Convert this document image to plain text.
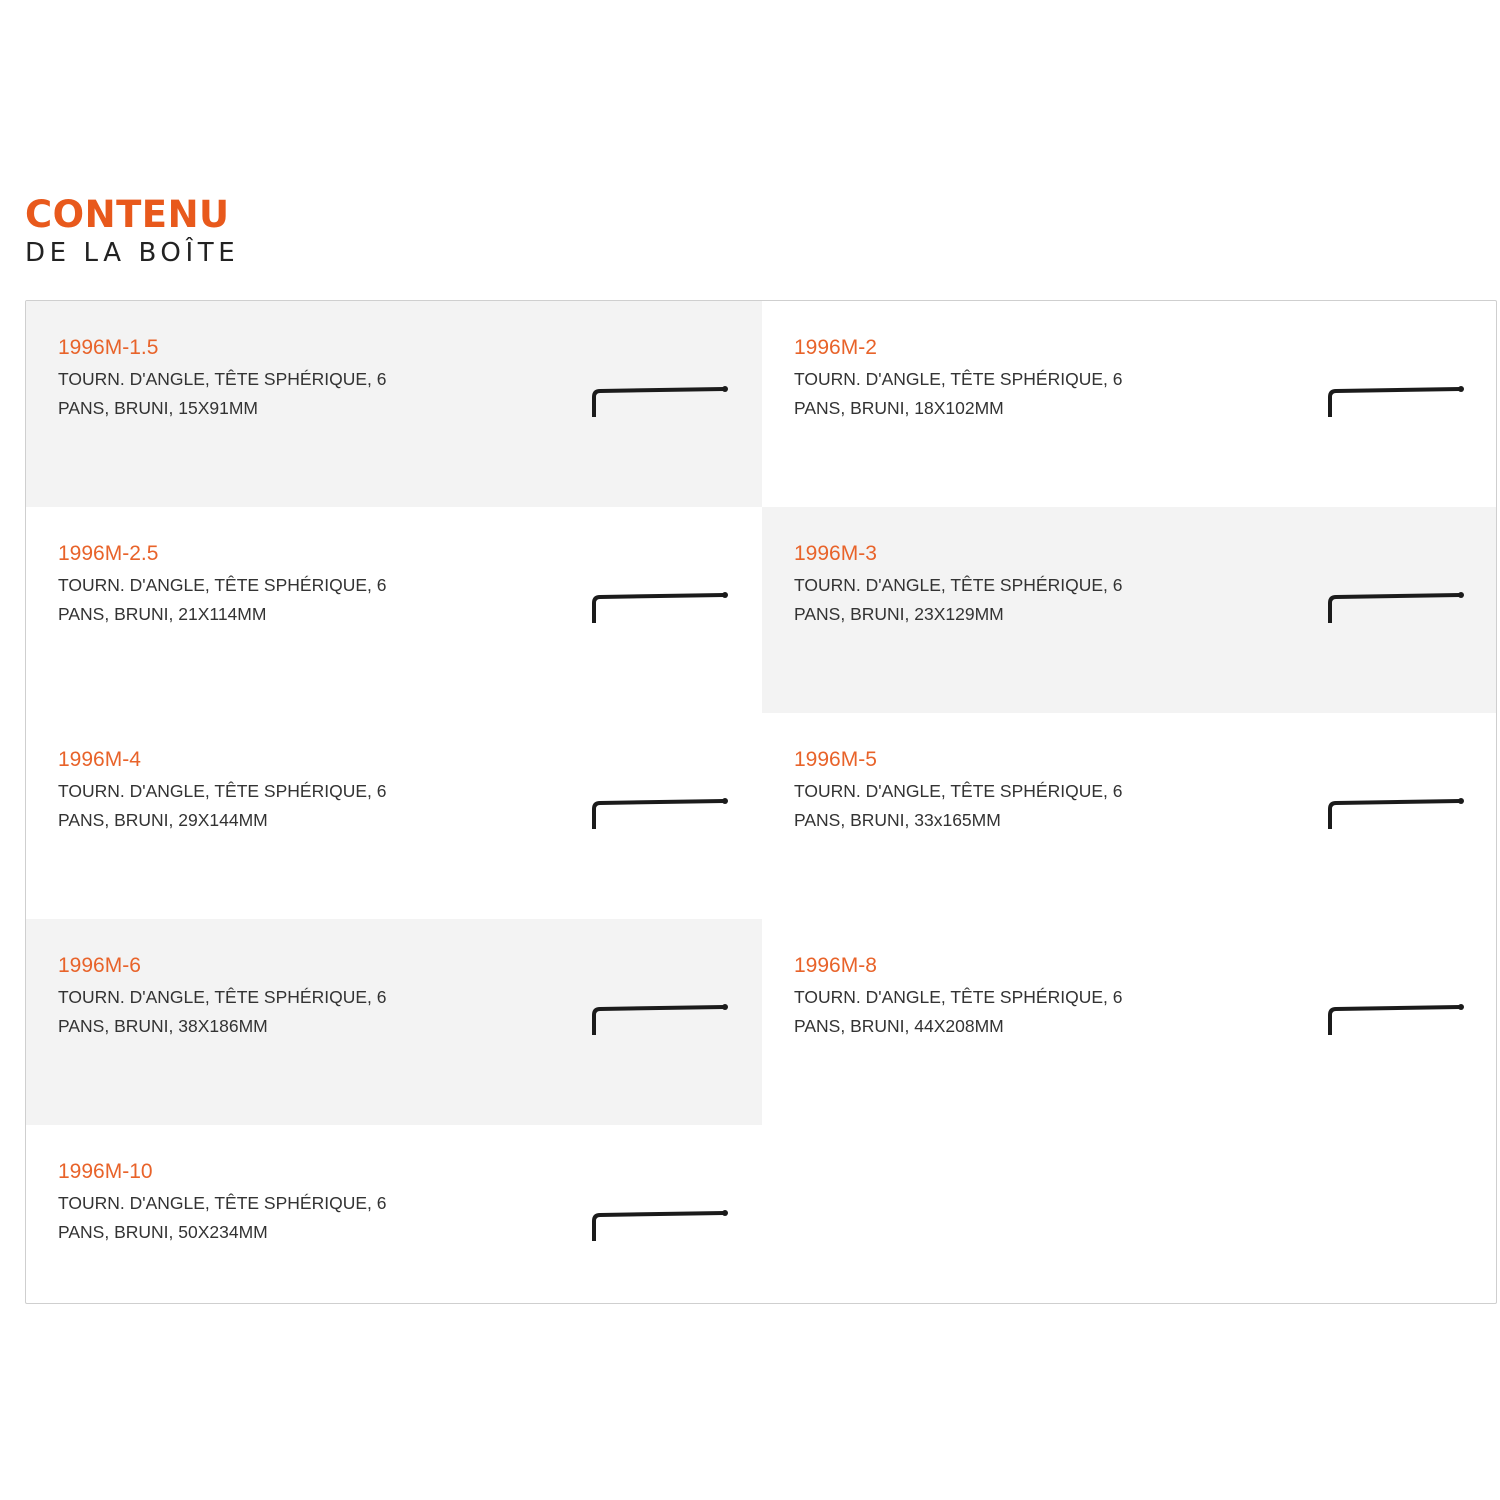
CONTENU
DE LA BOÎTE
1996M-1.5
TOURN. D'ANGLE, TÊTE SPHÉRIQUE, 6 PANS, BRUNI, 15X91MM
1996M-2
TOURN. D'ANGLE, TÊTE SPHÉRIQUE, 6 PANS, BRUNI, 18X102MM
1996M-2.5
TOURN. D'ANGLE, TÊTE SPHÉRIQUE, 6 PANS, BRUNI, 21X114MM
1996M-3
TOURN. D'ANGLE, TÊTE SPHÉRIQUE, 6 PANS, BRUNI, 23X129MM
1996M-4
TOURN. D'ANGLE, TÊTE SPHÉRIQUE, 6 PANS, BRUNI, 29X144MM
1996M-5
TOURN. D'ANGLE, TÊTE SPHÉRIQUE, 6 PANS, BRUNI, 33x165MM
1996M-6
TOURN. D'ANGLE, TÊTE SPHÉRIQUE, 6 PANS, BRUNI, 38X186MM
1996M-8
TOURN. D'ANGLE, TÊTE SPHÉRIQUE, 6 PANS, BRUNI, 44X208MM
1996M-10
TOURN. D'ANGLE, TÊTE SPHÉRIQUE, 6 PANS, BRUNI, 50X234MM
